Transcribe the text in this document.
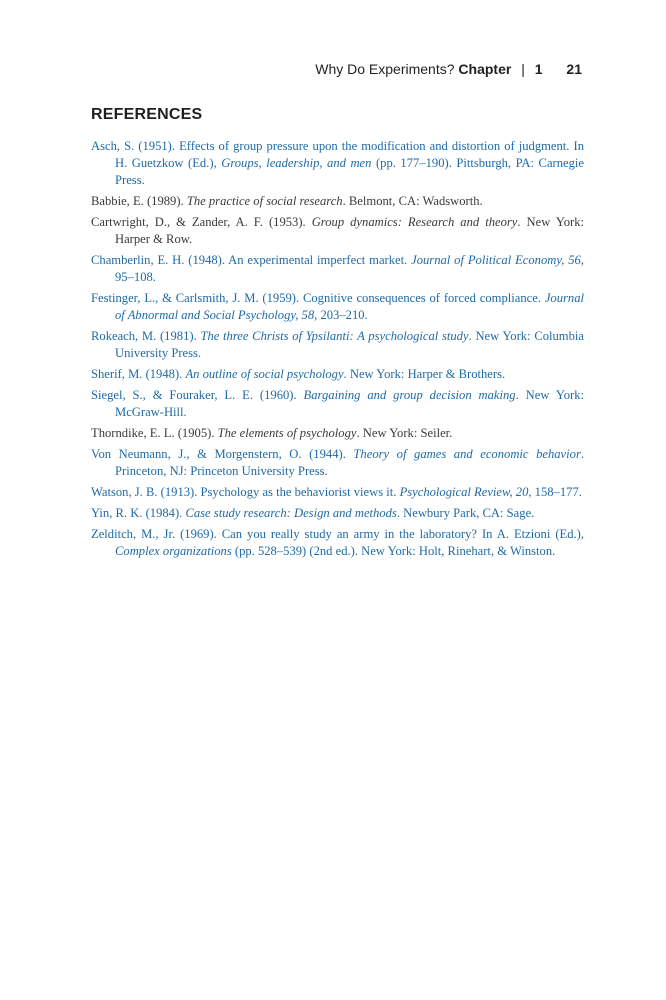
Why Do Experiments? Chapter | 1 21
REFERENCES
Asch, S. (1951). Effects of group pressure upon the modification and distortion of judgment. In H. Guetzkow (Ed.), Groups, leadership, and men (pp. 177–190). Pittsburgh, PA: Carnegie Press.
Babbie, E. (1989). The practice of social research. Belmont, CA: Wadsworth.
Cartwright, D., & Zander, A. F. (1953). Group dynamics: Research and theory. New York: Harper & Row.
Chamberlin, E. H. (1948). An experimental imperfect market. Journal of Political Economy, 56, 95–108.
Festinger, L., & Carlsmith, J. M. (1959). Cognitive consequences of forced compliance. Journal of Abnormal and Social Psychology, 58, 203–210.
Rokeach, M. (1981). The three Christs of Ypsilanti: A psychological study. New York: Columbia University Press.
Sherif, M. (1948). An outline of social psychology. New York: Harper & Brothers.
Siegel, S., & Fouraker, L. E. (1960). Bargaining and group decision making. New York: McGraw-Hill.
Thorndike, E. L. (1905). The elements of psychology. New York: Seiler.
Von Neumann, J., & Morgenstern, O. (1944). Theory of games and economic behavior. Princeton, NJ: Princeton University Press.
Watson, J. B. (1913). Psychology as the behaviorist views it. Psychological Review, 20, 158–177.
Yin, R. K. (1984). Case study research: Design and methods. Newbury Park, CA: Sage.
Zelditch, M., Jr. (1969). Can you really study an army in the laboratory? In A. Etzioni (Ed.), Complex organizations (pp. 528–539) (2nd ed.). New York: Holt, Rinehart, & Winston.
